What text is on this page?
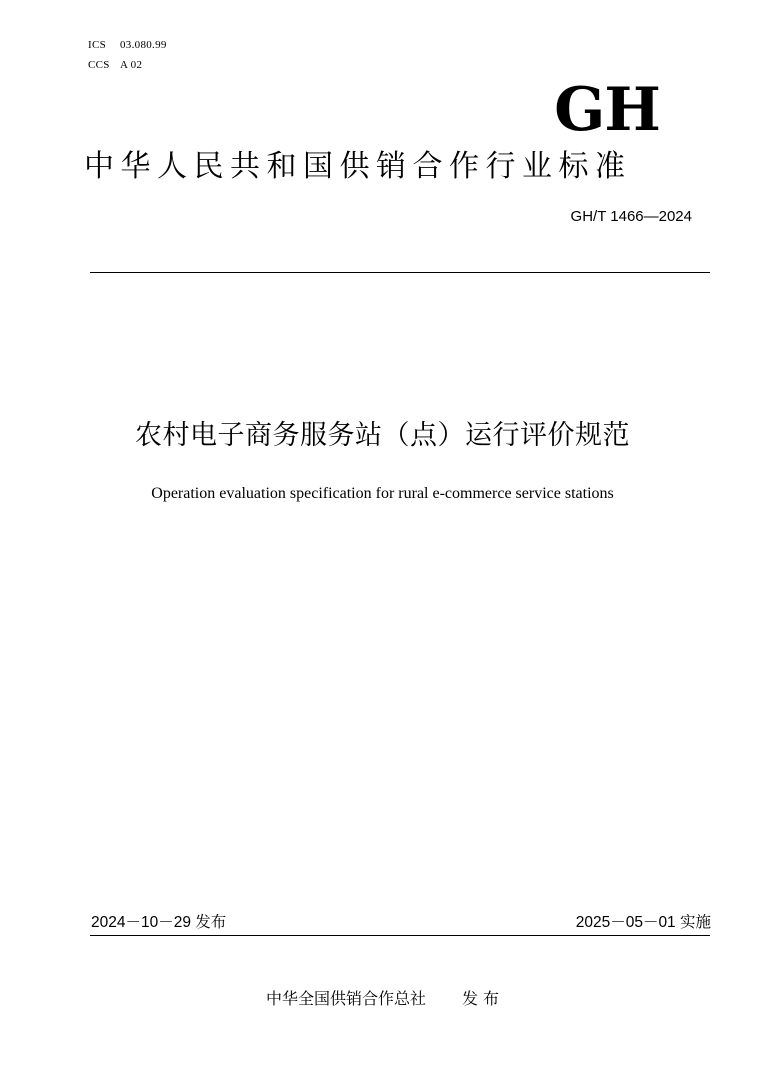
ICS 03.080.99
CCS A 02
GH
中华人民共和国供销合作行业标准
GH/T 1466—2024
农村电子商务服务站（点）运行评价规范
Operation evaluation specification for rural e-commerce service stations
2024－10－29 发布	2025－05－01 实施
中华全国供销合作总社 发 布
